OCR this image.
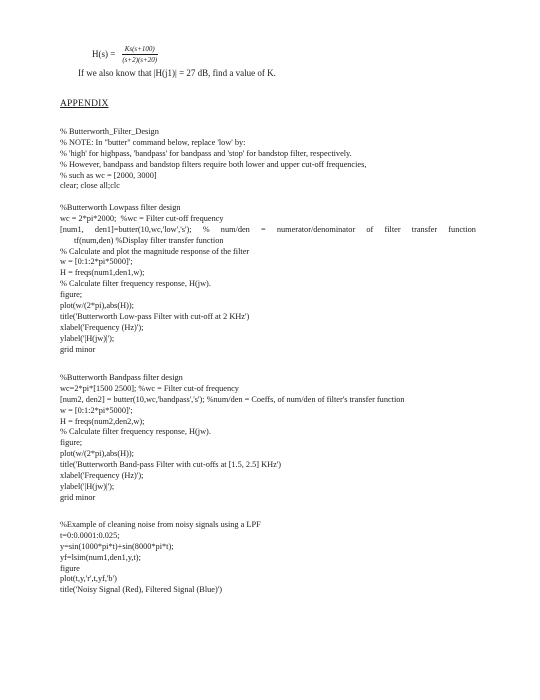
$H(s) = \frac{Ks(s+100)}{(s+2)(s+20)}$
If we also know that |H(j1)| = 27 dB, find a value of K.
APPENDIX
% Butterworth_Filter_Design
% NOTE: In "butter" command below, replace 'low' by:
% 'high' for highpass, 'bandpass' for bandpass and 'stop' for bandstop filter, respectively.
% However, bandpass and bandstop filters require both lower and upper cut-off frequencies,
% such as wc = [2000, 3000]
clear; close all;clc
%Butterworth Lowpass filter design
wc = 2*pi*2000;  %wc = Filter cut-off frequency
[num1, den1]=butter(10,wc,'low','s'); % num/den = numerator/denominator of filter transfer function
tf(num,den) %Display filter transfer function
% Calculate and plot the magnitude response of the filter
w = [0:1:2*pi*5000]';
H = freqs(num1,den1,w);
% Calculate filter frequency response, H(jw).
figure;
plot(w/(2*pi),abs(H));
title('Butterworth Low-pass Filter with cut-off at 2 KHz')
xlabel('Frequency (Hz)');
ylabel('|H(jw)|');
grid minor
%Butterworth Bandpass filter design
wc=2*pi*[1500 2500]; %wc = Filter cut-of frequency
[num2, den2] = butter(10,wc,'bandpass','s'); %num/den = Coeffs, of num/den of filter's transfer function
w = [0:1:2*pi*5000]';
H = freqs(num2,den2,w);
% Calculate filter frequency response, H(jw).
figure;
plot(w/(2*pi),abs(H));
title('Butterworth Band-pass Filter with cut-offs at [1.5, 2.5] KHz')
xlabel('Frequency (Hz)');
ylabel('|H(jw)|');
grid minor
%Example of cleaning noise from noisy signals using a LPF
t=0:0.0001:0.025;
y=sin(1000*pi*t)+sin(8000*pi*t);
yf=lsim(num1,den1,y,t);
figure
plot(t,y,'r',t,yf,'b')
title('Noisy Signal (Red), Filtered Signal (Blue)')
